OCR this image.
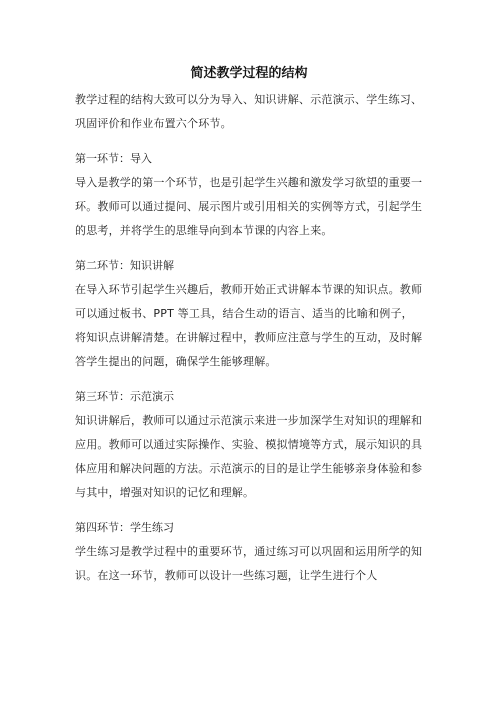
简述教学过程的结构

教学过程的结构大致可以分为导入、知识讲解、示范演示、学生练习、巩固评价和作业布置六个环节。

第一环节：导入

导入是教学的第一个环节，也是引起学生兴趣和激发学习欲望的重要一环。教师可以通过提问、展示图片或引用相关的实例等方式，引起学生的思考，并将学生的思维导向到本节课的内容上来。

第二环节：知识讲解

在导入环节引起学生兴趣后，教师开始正式讲解本节课的知识点。教师可以通过板书、PPT 等工具，结合生动的语言、适当的比喻和例子，将知识点讲解清楚。在讲解过程中，教师应注意与学生的互动，及时解答学生提出的问题，确保学生能够理解。

第三环节：示范演示

知识讲解后，教师可以通过示范演示来进一步加深学生对知识的理解和应用。教师可以通过实际操作、实验、模拟情境等方式，展示知识的具体应用和解决问题的方法。示范演示的目的是让学生能够亲身体验和参与其中，增强对知识的记忆和理解。

第四环节：学生练习

学生练习是教学过程中的重要环节，通过练习可以巩固和运用所学的知识。在这一环节，教师可以设计一些练习题，让学生进行个人
